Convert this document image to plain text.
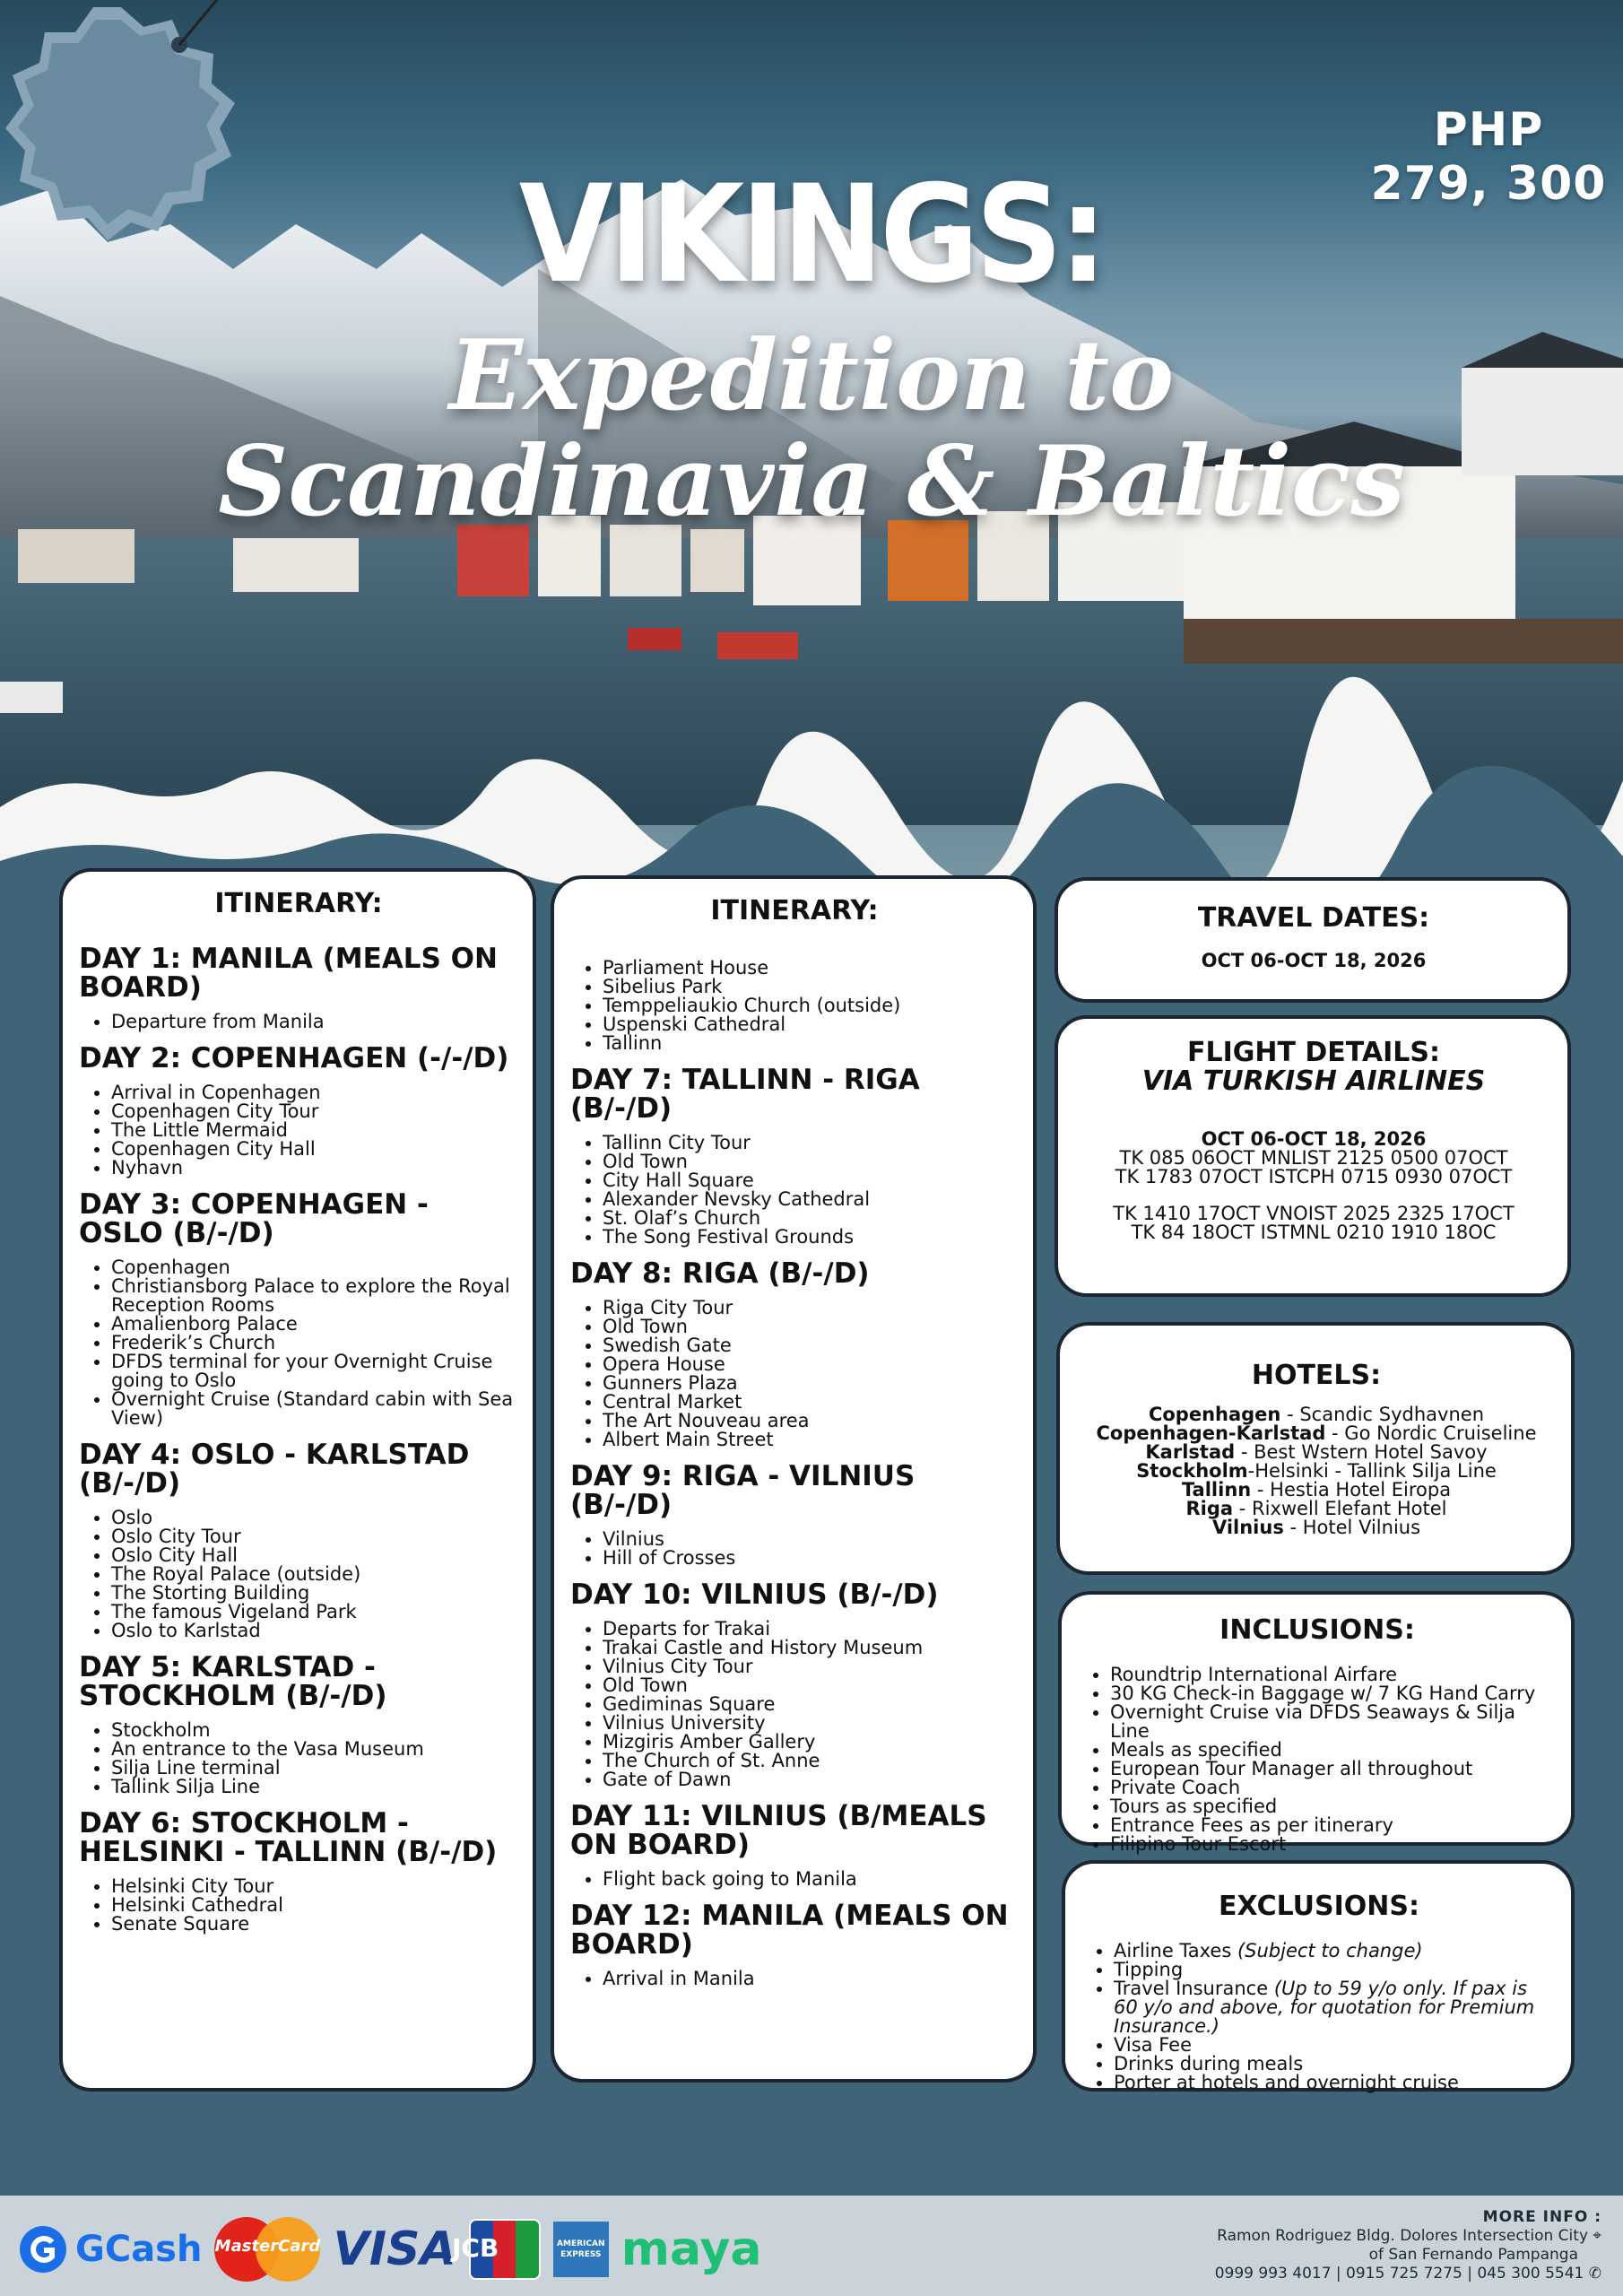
PHP
279, 300
VIKINGS:
Expedition to Scandinavia & Baltics
ITINERARY:
DAY 1: MANILA (MEALS ON BOARD)
• Departure from Manila
DAY 2: COPENHAGEN (-/-/D)
• Arrival in Copenhagen
• Copenhagen City Tour
• The Little Mermaid
• Copenhagen City Hall
• Nyhavn
DAY 3: COPENHAGEN - OSLO (B/-/D)
• Copenhagen
• Christiansborg Palace to explore the Royal Reception Rooms
• Amalienborg Palace
• Frederik’s Church
• DFDS terminal for your Overnight Cruise going to Oslo
• Overnight Cruise (Standard cabin with Sea View)
DAY 4: OSLO - KARLSTAD (B/-/D)
• Oslo
• Oslo City Tour
• Oslo City Hall
• The Royal Palace (outside)
• The Storting Building
• The famous Vigeland Park
• Oslo to Karlstad
DAY 5: KARLSTAD - STOCKHOLM (B/-/D)
• Stockholm
• An entrance to the Vasa Museum
• Silja Line terminal
• Tallink Silja Line
DAY 6: STOCKHOLM - HELSINKI - TALLINN (B/-/D)
• Helsinki City Tour
• Helsinki Cathedral
• Senate Square
ITINERARY:
• Parliament House
• Sibelius Park
• Temppeliaukio Church (outside)
• Uspenski Cathedral
• Tallinn
DAY 7: TALLINN - RIGA (B/-/D)
• Tallinn City Tour
• Old Town
• City Hall Square
• Alexander Nevsky Cathedral
• St. Olaf’s Church
• The Song Festival Grounds
DAY 8: RIGA (B/-/D)
• Riga City Tour
• Old Town
• Swedish Gate
• Opera House
• Gunners Plaza
• Central Market
• The Art Nouveau area
• Albert Main Street
DAY 9: RIGA - VILNIUS (B/-/D)
• Vilnius
• Hill of Crosses
DAY 10: VILNIUS (B/-/D)
• Departs for Trakai
• Trakai Castle and History Museum
• Vilnius City Tour
• Old Town
• Gediminas Square
• Vilnius University
• Mizgiris Amber Gallery
• The Church of St. Anne
• Gate of Dawn
DAY 11: VILNIUS (B/MEALS ON BOARD)
• Flight back going to Manila
DAY 12: MANILA (MEALS ON BOARD)
• Arrival in Manila
TRAVEL DATES:
OCT 06-OCT 18, 2026
FLIGHT DETAILS:
VIA TURKISH AIRLINES
OCT 06-OCT 18, 2026
TK 085 06OCT MNLIST 2125 0500 07OCT
TK 1783 07OCT ISTCPH 0715 0930 07OCT
TK 1410 17OCT VNOIST 2025 2325 17OCT
TK 84 18OCT ISTMNL 0210 1910 18OC
HOTELS:
Copenhagen - Scandic Sydhavnen
Copenhagen-Karlstad - Go Nordic Cruiseline
Karlstad - Best Wstern Hotel Savoy
Stockholm-Helsinki - Tallink Silja Line
Tallinn - Hestia Hotel Eiropa
Riga - Rixwell Elefant Hotel
Vilnius - Hotel Vilnius
INCLUSIONS:
• Roundtrip International Airfare
• 30 KG Check-in Baggage w/ 7 KG Hand Carry
• Overnight Cruise via DFDS Seaways & Silja Line
• Meals as specified
• European Tour Manager all throughout
• Private Coach
• Tours as specified
• Entrance Fees as per itinerary
• Filipino Tour Escort
EXCLUSIONS:
• Airline Taxes (Subject to change)
• Tipping
• Travel Insurance (Up to 59 y/o only. If pax is 60 y/o and above, for quotation for Premium Insurance.)
• Visa Fee
• Drinks during meals
• Porter at hotels and overnight cruise
GCash MasterCard VISA
JCB	AMERICAN EXPRESS maya
MORE INFO :
Ramon Rodriguez Bldg. Dolores Intersection City ⌖
of San Fernando Pampanga
0999 993 4017 | 0915 725 7275 | 045 300 5541 ✆
